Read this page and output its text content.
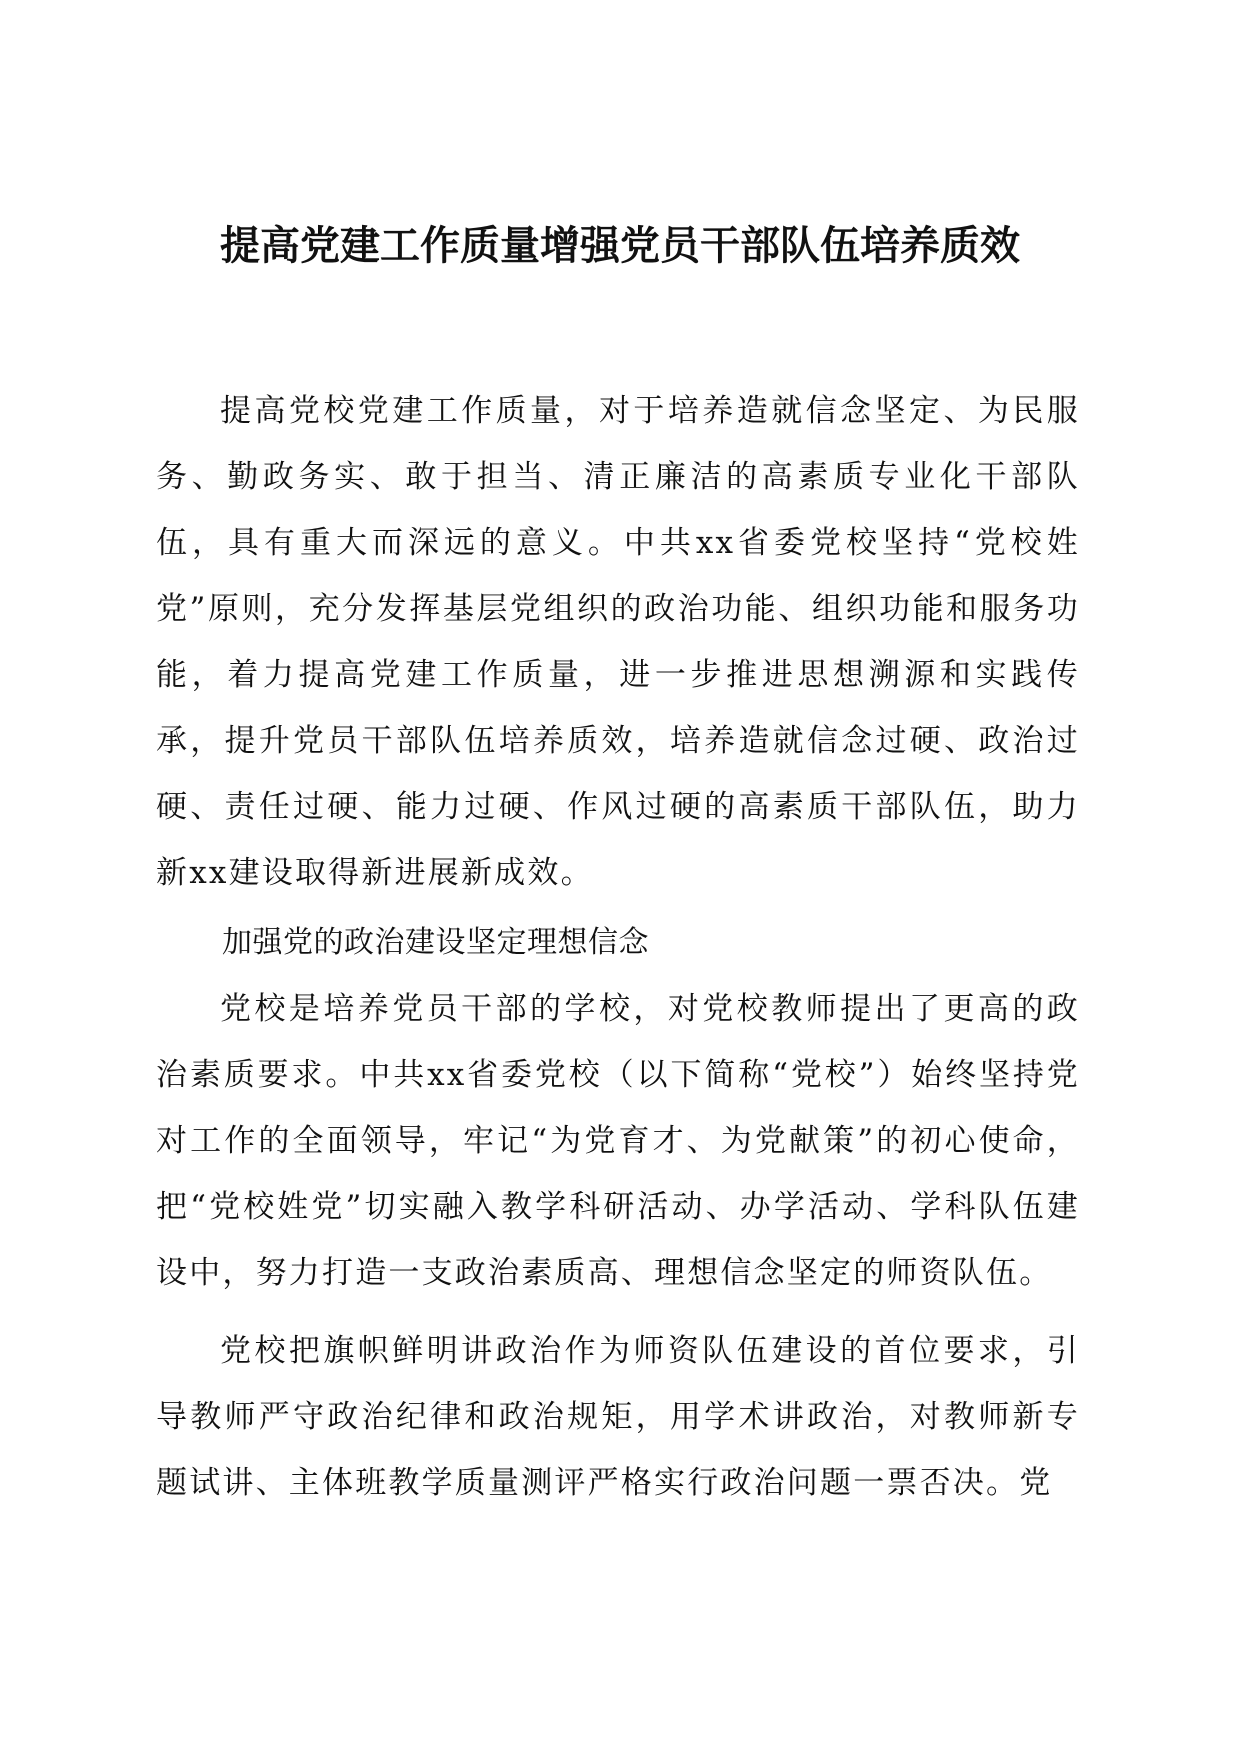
提高党建工作质量增强党员干部队伍培养质效

提高党校党建工作质量，对于培养造就信念坚定、为民服务、勤政务实、敢于担当、清正廉洁的高素质专业化干部队伍，具有重大而深远的意义。中共xx省委党校坚持“党校姓党”原则，充分发挥基层党组织的政治功能、组织功能和服务功能，着力提高党建工作质量，进一步推进思想溯源和实践传承，提升党员干部队伍培养质效，培养造就信念过硬、政治过硬、责任过硬、能力过硬、作风过硬的高素质干部队伍，助力新xx建设取得新进展新成效。

加强党的政治建设坚定理想信念

党校是培养党员干部的学校，对党校教师提出了更高的政治素质要求。中共xx省委党校（以下简称“党校”）始终坚持党对工作的全面领导，牢记“为党育才、为党献策”的初心使命，把“党校姓党”切实融入教学科研活动、办学活动、学科队伍建设中，努力打造一支政治素质高、理想信念坚定的师资队伍。

党校把旗帜鲜明讲政治作为师资队伍建设的首位要求，引导教师严守政治纪律和政治规矩，用学术讲政治，对教师新专题试讲、主体班教学质量测评严格实行政治问题一票否决。党
